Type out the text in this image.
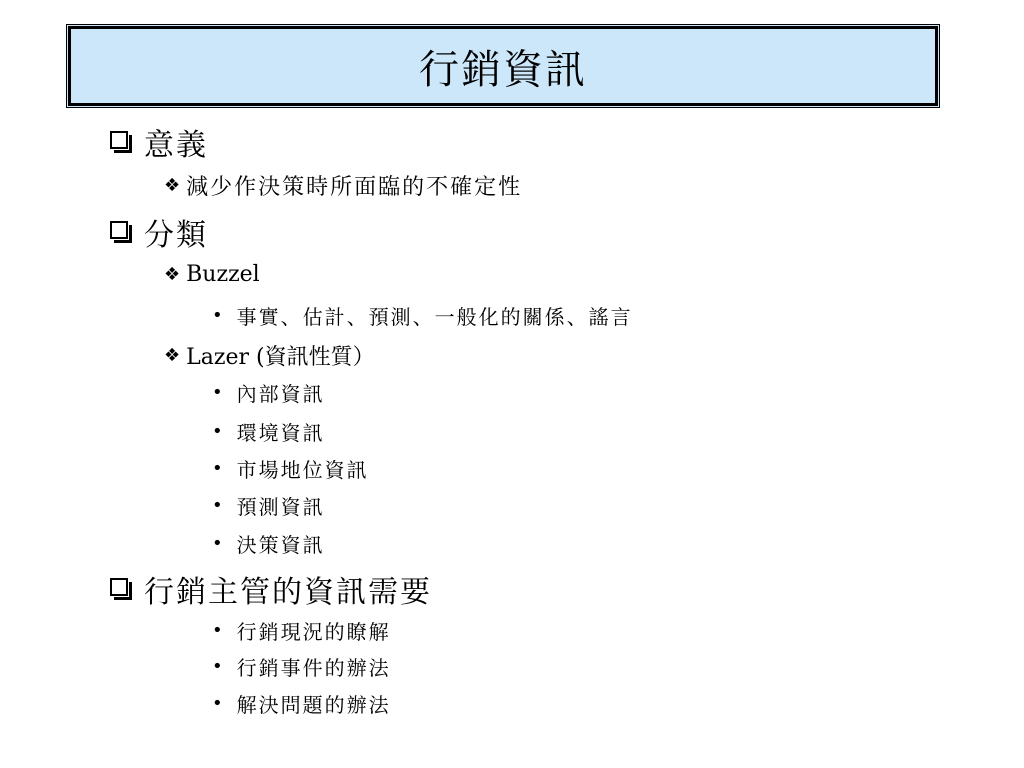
行銷資訊
意義
❖ 減少作決策時所面臨的不確定性
分類
❖ Buzzel
• 事實、估計、預測、一般化的關係、謠言
❖ Lazer (資訊性質）
• 內部資訊
• 環境資訊
• 市場地位資訊
• 預測資訊
• 決策資訊
行銷主管的資訊需要
• 行銷現況的瞭解
• 行銷事件的辦法
• 解決問題的辦法
